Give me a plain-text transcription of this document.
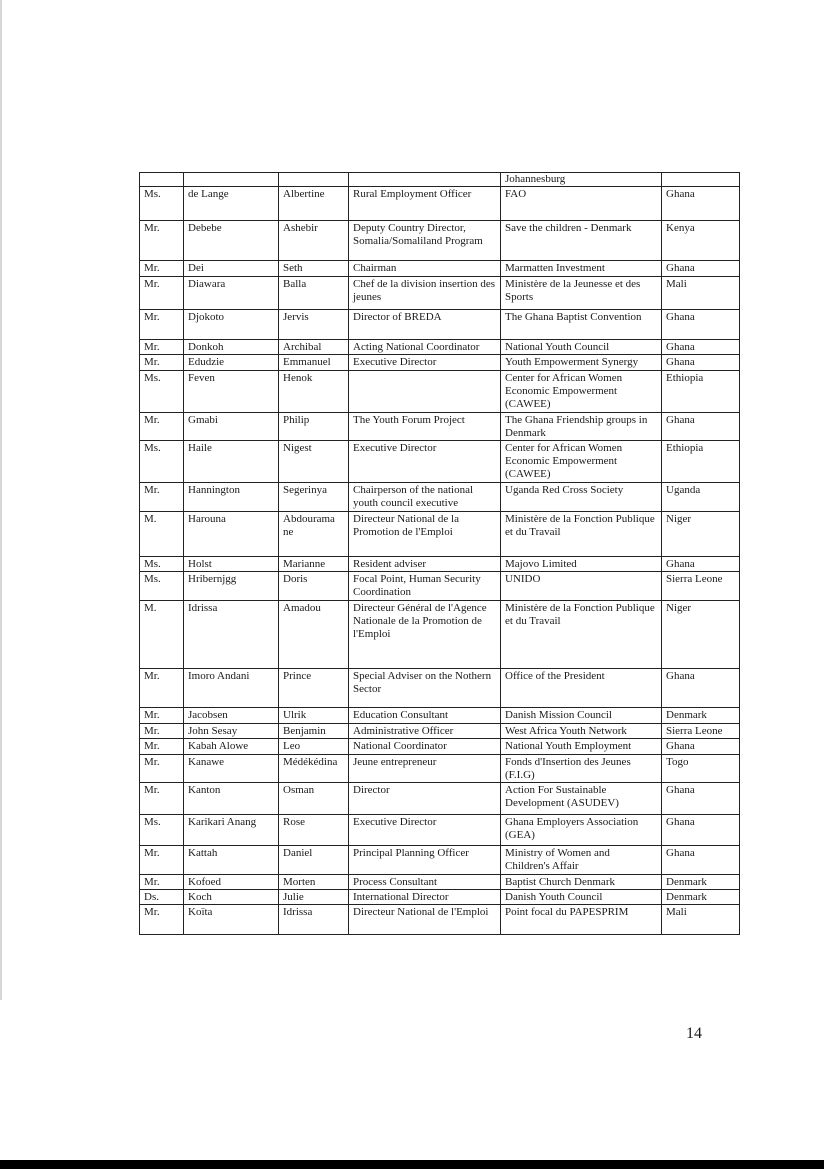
				Johannesburg	
Ms.	de Lange	Albertine	Rural Employment Officer	FAO	Ghana
Mr.	Debebe	Ashebir	Deputy Country Director, Somalia/Somaliland Program	Save the children - Denmark	Kenya
Mr.	Dei	Seth	Chairman	Marmatten Investment	Ghana
Mr.	Diawara	Balla	Chef de la division insertion des jeunes	Ministère de la Jeunesse et des Sports	Mali
Mr.	Djokoto	Jervis	Director of BREDA	The Ghana Baptist Convention	Ghana
Mr.	Donkoh	Archibal	Acting National Coordinator	National Youth Council	Ghana
Mr.	Edudzie	Emmanuel	Executive Director	Youth Empowerment Synergy	Ghana
Ms.	Feven	Henok		Center for African Women Economic Empowerment (CAWEE)	Ethiopia
Mr.	Gmabi	Philip	The Youth Forum Project	The Ghana Friendship groups in Denmark	Ghana
Ms.	Haile	Nigest	Executive Director	Center for African Women Economic Empowerment (CAWEE)	Ethiopia
Mr.	Hannington	Segerinya	Chairperson of the national youth council executive	Uganda Red Cross Society	Uganda
M.	Harouna	Abdourama ne	Directeur National de la Promotion de l'Emploi	Ministère de la Fonction Publique et du Travail	Niger
Ms.	Holst	Marianne	Resident adviser	Majovo Limited	Ghana
Ms.	Hribernjgg	Doris	Focal Point, Human Security Coordination	UNIDO	Sierra Leone
M.	Idrissa	Amadou	Directeur Général de l'Agence Nationale de la Promotion de l'Emploi	Ministère de la Fonction Publique et du Travail	Niger
Mr.	Imoro Andani	Prince	Special Adviser on the Nothern Sector	Office of the President	Ghana
Mr.	Jacobsen	Ulrik	Education Consultant	Danish Mission Council	Denmark
Mr.	John Sesay	Benjamin	Administrative Officer	West Africa Youth Network	Sierra Leone
Mr.	Kabah Alowe	Leo	National Coordinator	National Youth Employment	Ghana
Mr.	Kanawe	Médékédina	Jeune entrepreneur	Fonds d'Insertion des Jeunes (F.I.G)	Togo
Mr.	Kanton	Osman	Director	Action For Sustainable Development (ASUDEV)	Ghana
Ms.	Karikari Anang	Rose	Executive Director	Ghana Employers Association (GEA)	Ghana
Mr.	Kattah	Daniel	Principal Planning Officer	Ministry of Women and Children's Affair	Ghana
Mr.	Kofoed	Morten	Process Consultant	Baptist Church Denmark	Denmark
Ds.	Koch	Julie	International Director	Danish Youth Council	Denmark
Mr.	Koïta	Idrissa	Directeur National de l'Emploi	Point focal du PAPESPRIM	Mali
14
